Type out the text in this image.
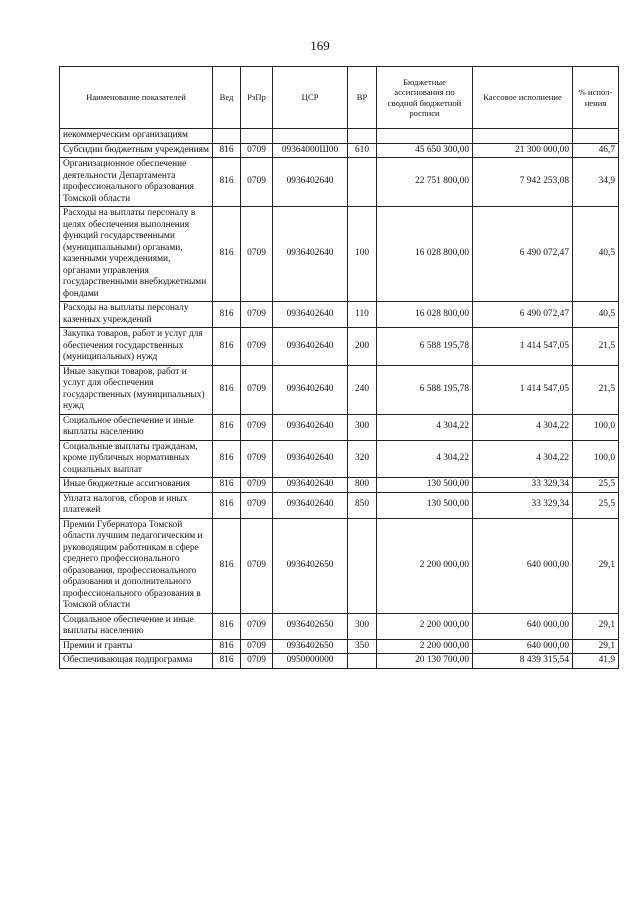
169
Наименование показателей	Вед	РзПр	ЦСР	ВР	Бюджетные ассигнования по сводной бюджетной росписи	Кассовое исполнение	% испол-нения
некоммерческим организациям							
Субсидии бюджетным учреждениям	816	0709	09364000Ш00	610	45 650 300,00	21 300 000,00	46,7
Организационное обеспечение деятельности Департамента профессионального образования Томской области	816	0709	0936402640		22 751 800,00	7 942 253,08	34,9
Расходы на выплаты персоналу в целях обеспечения выполнения функций государственными (муниципальными) органами, казенными учреждениями, органами управления государственными внебюджетными фондами	816	0709	0936402640	100	16 028 800,00	6 490 072,47	40,5
Расходы на выплаты персоналу казенных учреждений	816	0709	0936402640	110	16 028 800,00	6 490 072,47	40,5
Закупка товаров, работ и услуг для обеспечения государственных (муниципальных) нужд	816	0709	0936402640	200	6 588 195,78	1 414 547,05	21,5
Иные закупки товаров, работ и услуг для обеспечения государственных (муниципальных) нужд	816	0709	0936402640	240	6 588 195,78	1 414 547,05	21,5
Социальное обеспечение и иные выплаты населению	816	0709	0936402640	300	4 304,22	4 304,22	100,0
Социальные выплаты гражданам, кроме публичных нормативных социальных выплат	816	0709	0936402640	320	4 304,22	4 304,22	100,0
Иные бюджетные ассигнования	816	0709	0936402640	800	130 500,00	33 329,34	25,5
Уплата налогов, сборов и иных платежей	816	0709	0936402640	850	130 500,00	33 329,34	25,5
Премии Губернатора Томской области лучшим педагогическим и руководящим работникам в сфере среднего профессионального образования, профессионального образования и дополнительного профессионального образования в Томской области	816	0709	0936402650		2 200 000,00	640 000,00	29,1
Социальное обеспечение и иные выплаты населению	816	0709	0936402650	300	2 200 000,00	640 000,00	29,1
Премии и гранты	816	0709	0936402650	350	2 200 000,00	640 000,00	29,1
Обеспечивающая подпрограмма	816	0709	0950000000		20 130 700,00	8 439 315,54	41,9
